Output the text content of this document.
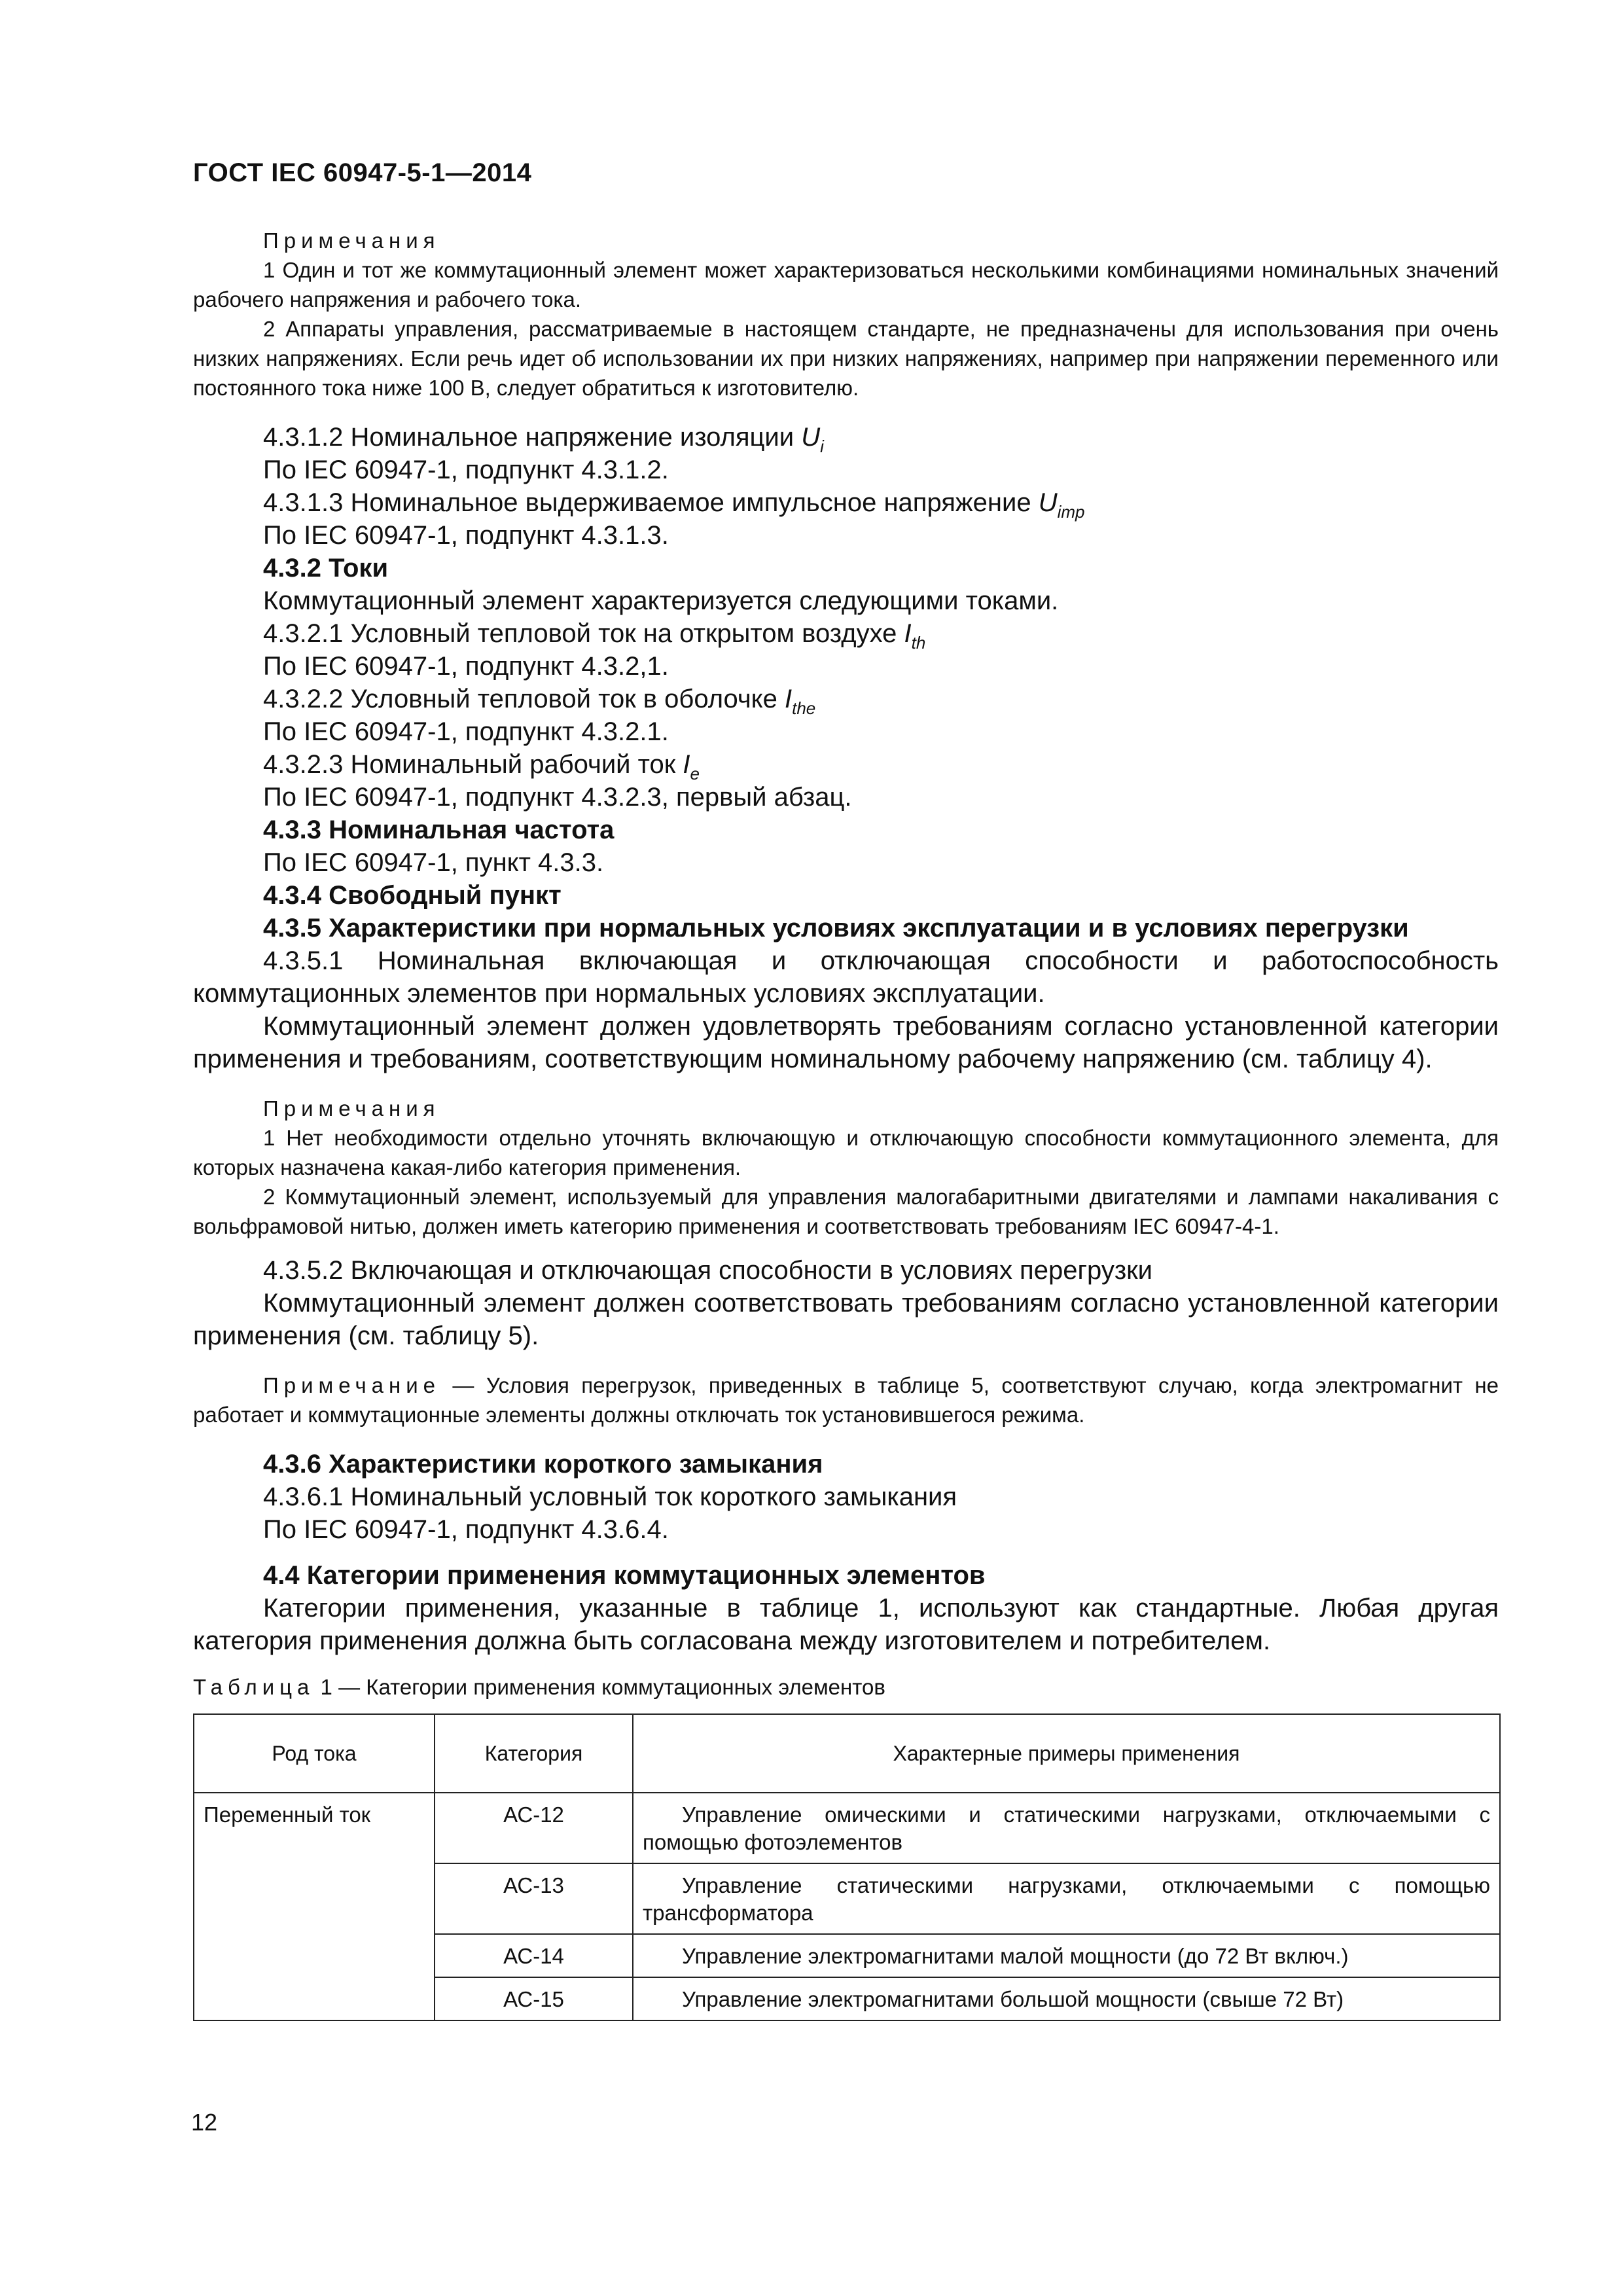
ГОСТ IEC 60947-5-1—2014
Примечания
1 Один и тот же коммутационный элемент может характеризоваться несколькими комбинациями номинальных значений рабочего напряжения и рабочего тока.
2 Аппараты управления, рассматриваемые в настоящем стандарте, не предназначены для использования при очень низких напряжениях. Если речь идет об использовании их при низких напряжениях, например при напряжении переменного или постоянного тока ниже 100 В, следует обратиться к изготовителю.

4.3.1.2 Номинальное напряжение изоляции $U_i$

По IEC 60947-1, подпункт 4.3.1.2.

4.3.1.3 Номинальное выдерживаемое импульсное напряжение $U_{imp}$

По IEC 60947-1, подпункт 4.3.1.3.

4.3.2 Токи

Коммутационный элемент характеризуется следующими токами.

4.3.2.1 Условный тепловой ток на открытом воздухе $I_{th}$

По IEC 60947-1, подпункт 4.3.2,1.

4.3.2.2 Условный тепловой ток в оболочке $I_{the}$

По IEC 60947-1, подпункт 4.3.2.1.

4.3.2.3 Номинальный рабочий ток $I_e$

По IEC 60947-1, подпункт 4.3.2.3, первый абзац.

4.3.3 Номинальная частота

По IEC 60947-1, пункт 4.3.3.

4.3.4 Свободный пункт

4.3.5 Характеристики при нормальных условиях эксплуатации и в условиях перегрузки

4.3.5.1 Номинальная включающая и отключающая способности и работоспособность коммутационных элементов при нормальных условиях эксплуатации.

Коммутационный элемент должен удовлетворять требованиям согласно установленной категории применения и требованиям, соответствующим номинальному рабочему напряжению (см. таблицу 4).

Примечания
1 Нет необходимости отдельно уточнять включающую и отключающую способности коммутационного элемента, для которых назначена какая-либо категория применения.
2 Коммутационный элемент, используемый для управления малогабаритными двигателями и лампами накаливания с вольфрамовой нитью, должен иметь категорию применения и соответствовать требованиям IEC 60947-4-1.

4.3.5.2 Включающая и отключающая способности в условиях перегрузки

Коммутационный элемент должен соответствовать требованиям согласно установленной категории применения (см. таблицу 5).

Примечание — Условия перегрузок, приведенных в таблице 5, соответствуют случаю, когда электромагнит не работает и коммутационные элементы должны отключать ток установившегося режима.

4.3.6 Характеристики короткого замыкания

4.3.6.1 Номинальный условный ток короткого замыкания

По IEC 60947-1, подпункт 4.3.6.4.

4.4 Категории применения коммутационных элементов

Категории применения, указанные в таблице 1, используют как стандартные. Любая другая категория применения должна быть согласована между изготовителем и потребителем.

Таблица 1 — Категории применения коммутационных элементов
Род тока	Категория	Характерные примеры применения
Переменный ток	АС-12	Управление омическими и статическими нагрузками, отключаемыми с помощью фотоэлементов
	АС-13	Управление статическими нагрузками, отключаемыми с помощью трансформатора
	АС-14	Управление электромагнитами малой мощности (до 72 Вт включ.)
	АС-15	Управление электромагнитами большой мощности (свыше 72 Вт)
12
